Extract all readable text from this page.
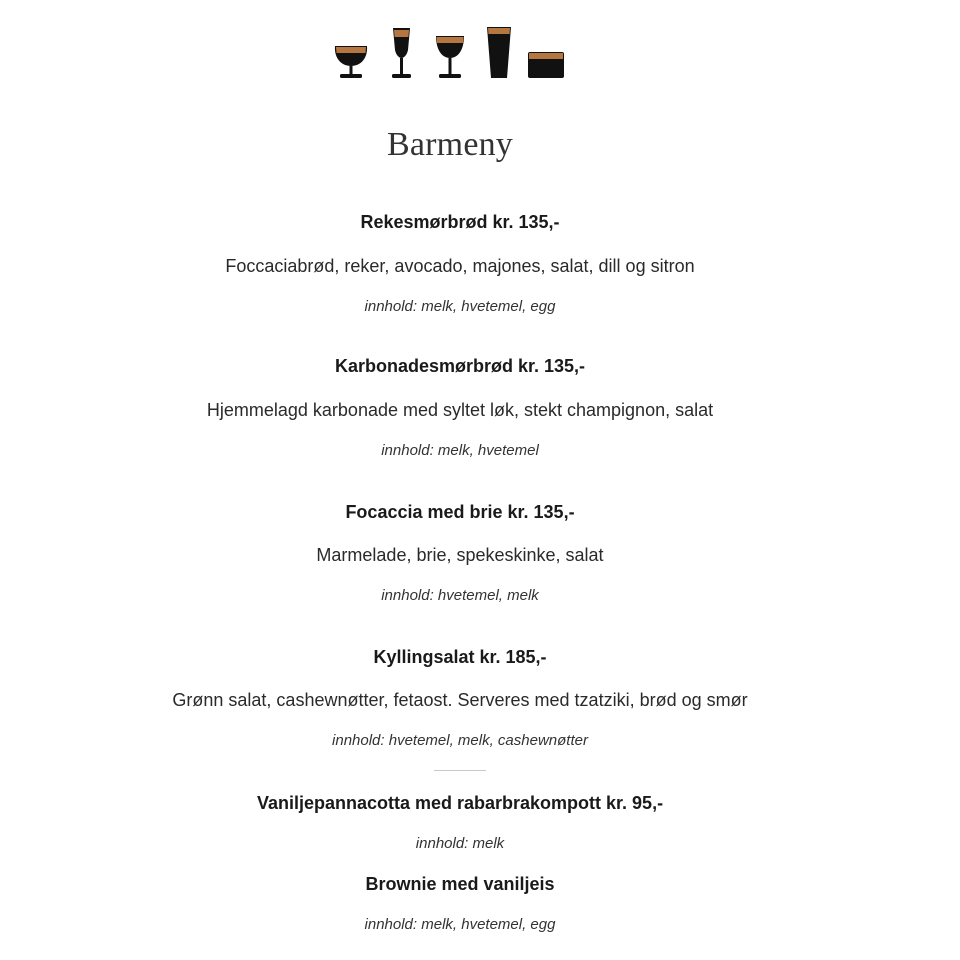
Barmeny
Rekesmørbrød kr. 135,-
Foccaciabrød, reker, avocado, majones, salat, dill og sitron
innhold: melk, hvetemel, egg
Karbonadesmørbrød kr. 135,-
Hjemmelagd karbonade med syltet løk, stekt champignon, salat
innhold: melk, hvetemel
Focaccia med brie kr. 135,-
Marmelade, brie, spekeskinke, salat
innhold: hvetemel, melk
Kyllingsalat kr. 185,-
Grønn salat, cashewnøtter, fetaost. Serveres med tzatziki, brød og smør
innhold: hvetemel, melk, cashewnøtter
Vaniljepannacotta med rabarbrakompott kr. 95,-
innhold: melk
Brownie med vaniljeis
innhold: melk, hvetemel, egg
